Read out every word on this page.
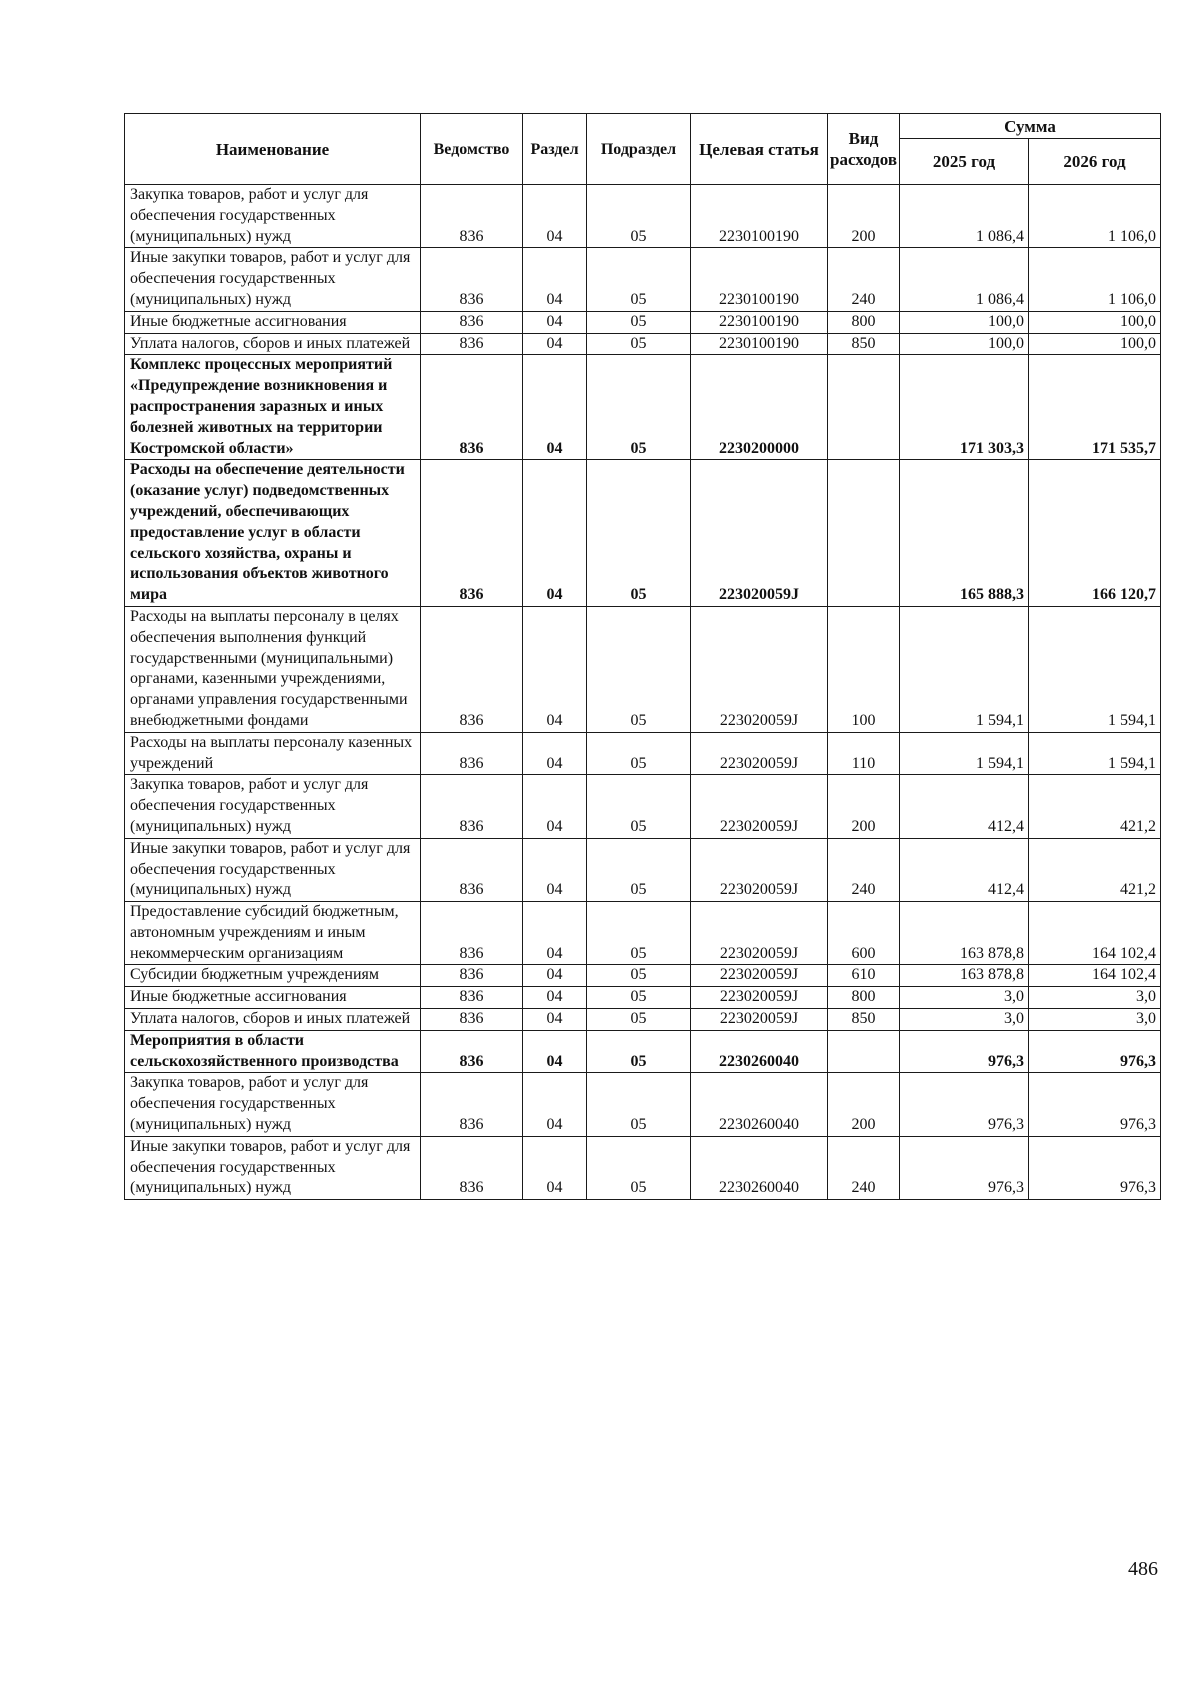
Наименование	Ведомство	Раздел	Подраздел	Целевая статья	Вид расходов	Сумма	
						2025 год	2026 год
Закупка товаров, работ и услуг для обеспечения государственных (муниципальных) нужд	836	04	05	2230100190	200	1 086,4	1 106,0
Иные закупки товаров, работ и услуг для обеспечения государственных (муниципальных) нужд	836	04	05	2230100190	240	1 086,4	1 106,0
Иные бюджетные ассигнования	836	04	05	2230100190	800	100,0	100,0
Уплата налогов, сборов и иных платежей	836	04	05	2230100190	850	100,0	100,0
Комплекс процессных мероприятий «Предупреждение возникновения и распространения заразных и иных болезней животных на территории Костромской области»	836	04	05	2230200000		171 303,3	171 535,7
Расходы на обеспечение деятельности (оказание услуг) подведомственных учреждений, обеспечивающих предоставление услуг в области сельского хозяйства, охраны и использования объектов животного мира	836	04	05	223020059J		165 888,3	166 120,7
Расходы на выплаты персоналу в целях обеспечения выполнения функций государственными (муниципальными) органами, казенными учреждениями, органами управления государственными внебюджетными фондами	836	04	05	223020059J	100	1 594,1	1 594,1
Расходы на выплаты персоналу казенных учреждений	836	04	05	223020059J	110	1 594,1	1 594,1
Закупка товаров, работ и услуг для обеспечения государственных (муниципальных) нужд	836	04	05	223020059J	200	412,4	421,2
Иные закупки товаров, работ и услуг для обеспечения государственных (муниципальных) нужд	836	04	05	223020059J	240	412,4	421,2
Предоставление субсидий бюджетным, автономным учреждениям и иным некоммерческим организациям	836	04	05	223020059J	600	163 878,8	164 102,4
Субсидии бюджетным учреждениям	836	04	05	223020059J	610	163 878,8	164 102,4
Иные бюджетные ассигнования	836	04	05	223020059J	800	3,0	3,0
Уплата налогов, сборов и иных платежей	836	04	05	223020059J	850	3,0	3,0
Мероприятия в области сельскохозяйственного производства	836	04	05	2230260040		976,3	976,3
Закупка товаров, работ и услуг для обеспечения государственных (муниципальных) нужд	836	04	05	2230260040	200	976,3	976,3
Иные закупки товаров, работ и услуг для обеспечения государственных (муниципальных) нужд	836	04	05	2230260040	240	976,3	976,3
486
